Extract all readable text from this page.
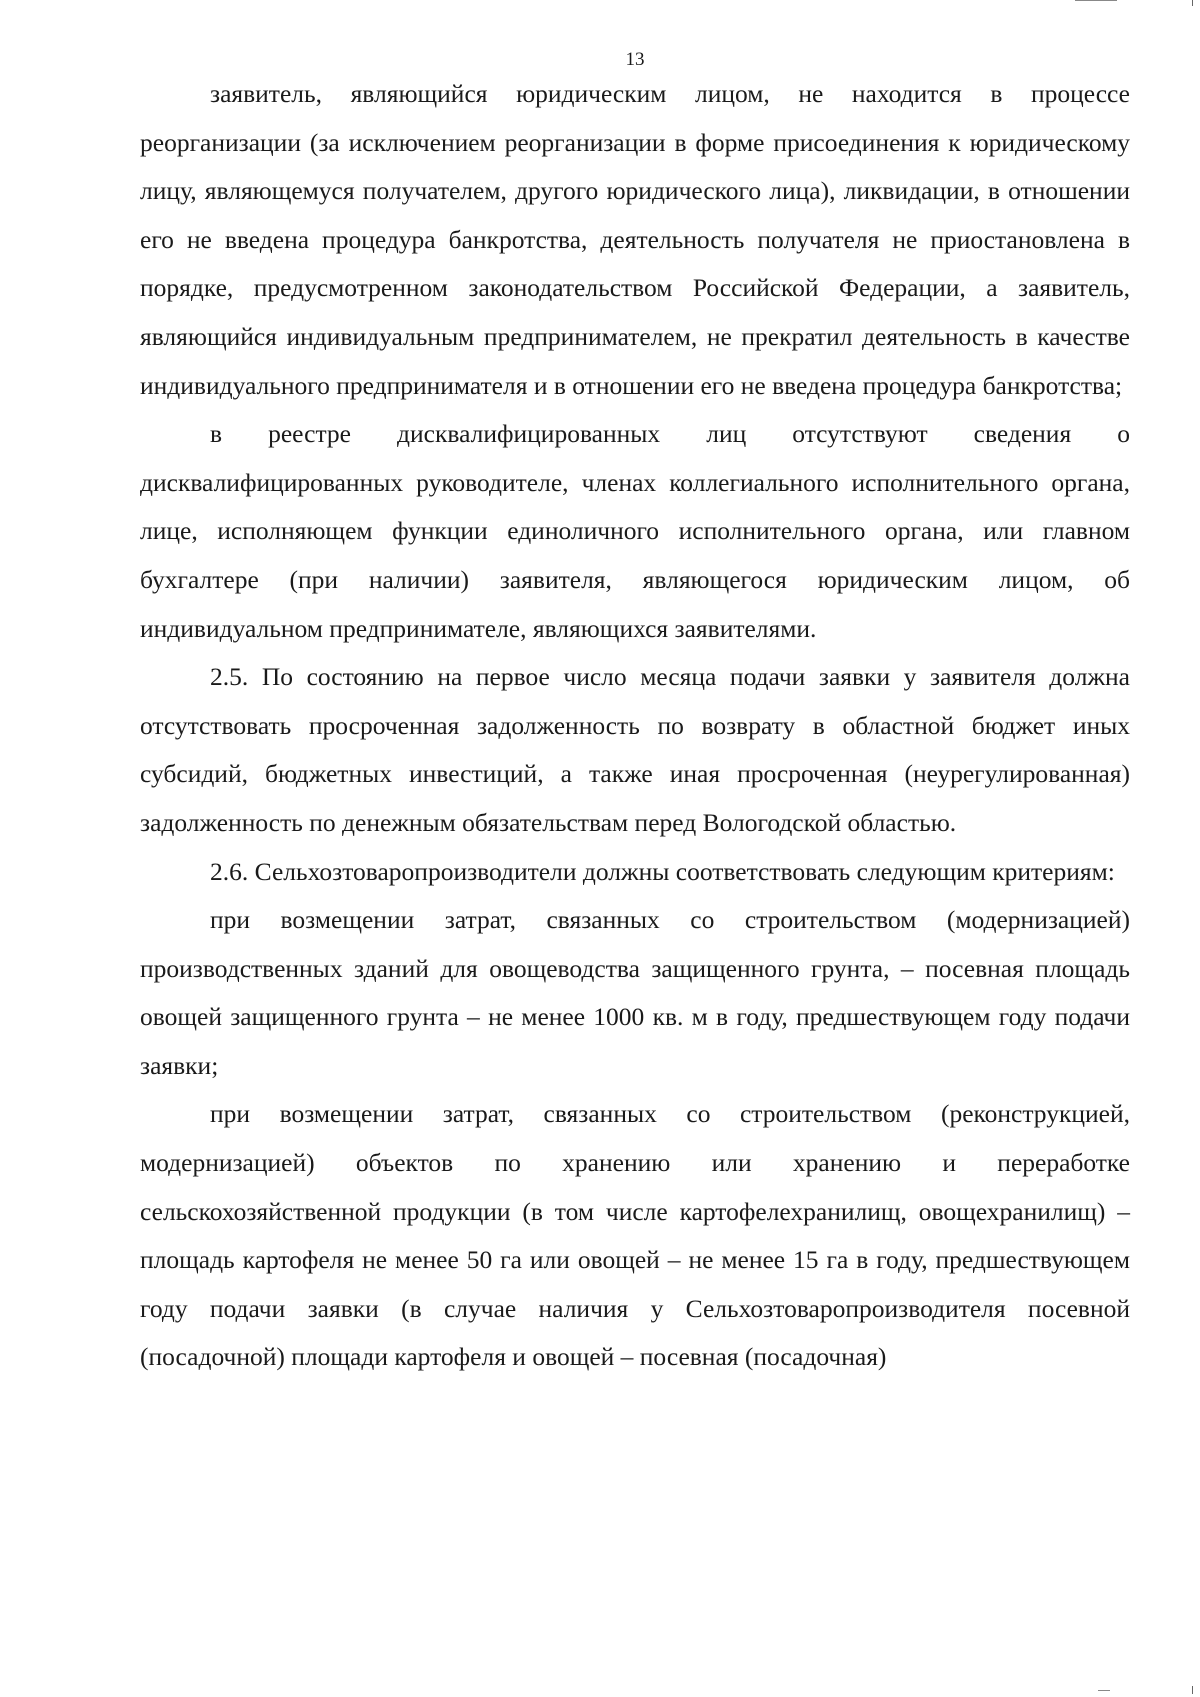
13

заявитель, являющийся юридическим лицом, не находится в процессе реорганизации (за исключением реорганизации в форме присоединения к юридическому лицу, являющемуся получателем, другого юридического лица), ликвидации, в отношении его не введена процедура банкротства, деятельность получателя не приостановлена в порядке, предусмотренном законодательством Российской Федерации, а заявитель, являющийся индивидуальным предпринимателем, не прекратил деятельность в качестве индивидуального предпринимателя и в отношении его не введена процедура банкротства;

в реестре дисквалифицированных лиц отсутствуют сведения о дисквалифицированных руководителе, членах коллегиального исполнительного органа, лице, исполняющем функции единоличного исполнительного органа, или главном бухгалтере (при наличии) заявителя, являющегося юридическим лицом, об индивидуальном предпринимателе, являющихся заявителями.

2.5. По состоянию на первое число месяца подачи заявки у заявителя должна отсутствовать просроченная задолженность по возврату в областной бюджет иных субсидий, бюджетных инвестиций, а также иная просроченная (неурегулированная) задолженность по денежным обязательствам перед Вологодской областью.

2.6. Сельхозтоваропроизводители должны соответствовать следующим критериям:

при возмещении затрат, связанных со строительством (модернизацией) производственных зданий для овощеводства защищенного грунта, – посевная площадь овощей защищенного грунта – не менее 1000 кв. м в году, предшествующем году подачи заявки;

при возмещении затрат, связанных со строительством (реконструкцией, модернизацией) объектов по хранению или хранению и переработке сельскохозяйственной продукции (в том числе картофелехранилищ, овощехранилищ) – площадь картофеля не менее 50 га или овощей – не менее 15 га в году, предшествующем году подачи заявки (в случае наличия у Сельхозтоваропроизводителя посевной (посадочной) площади картофеля и овощей – посевная (посадочная)
